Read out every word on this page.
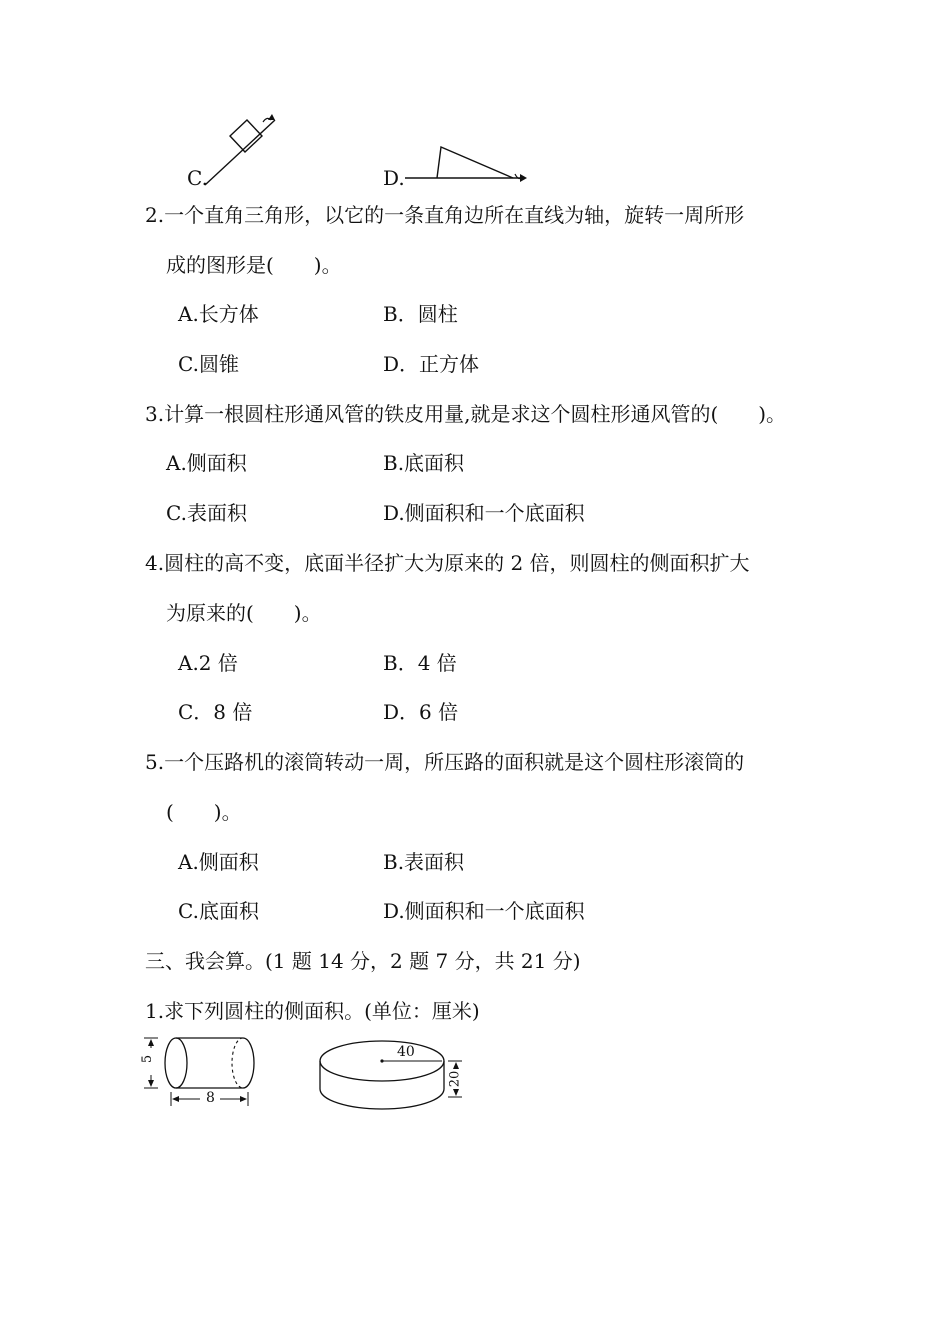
C.	D.
2.一个直角三角形，以它的一条直角边所在直线为轴，旋转一周所形
成的图形是(　　)。
A.长方体	B．圆柱
C.圆锥	D．正方体
3.计算一根圆柱形通风管的铁皮用量,就是求这个圆柱形通风管的(　　)。
A.侧面积	B.底面积
C.表面积	D.侧面积和一个底面积
4.圆柱的高不变，底面半径扩大为原来的 2 倍，则圆柱的侧面积扩大
为原来的(　　)。
A.2 倍	B．4 倍
C．8 倍	D．6 倍
5.一个压路机的滚筒转动一周，所压路的面积就是这个圆柱形滚筒的
(　　)。
A.侧面积	B.表面积
C.底面积	D.侧面积和一个底面积
三、我会算。(1 题 14 分，2 题 7 分，共 21 分)
1.求下列圆柱的侧面积。(单位：厘米)
5
8
40
20
